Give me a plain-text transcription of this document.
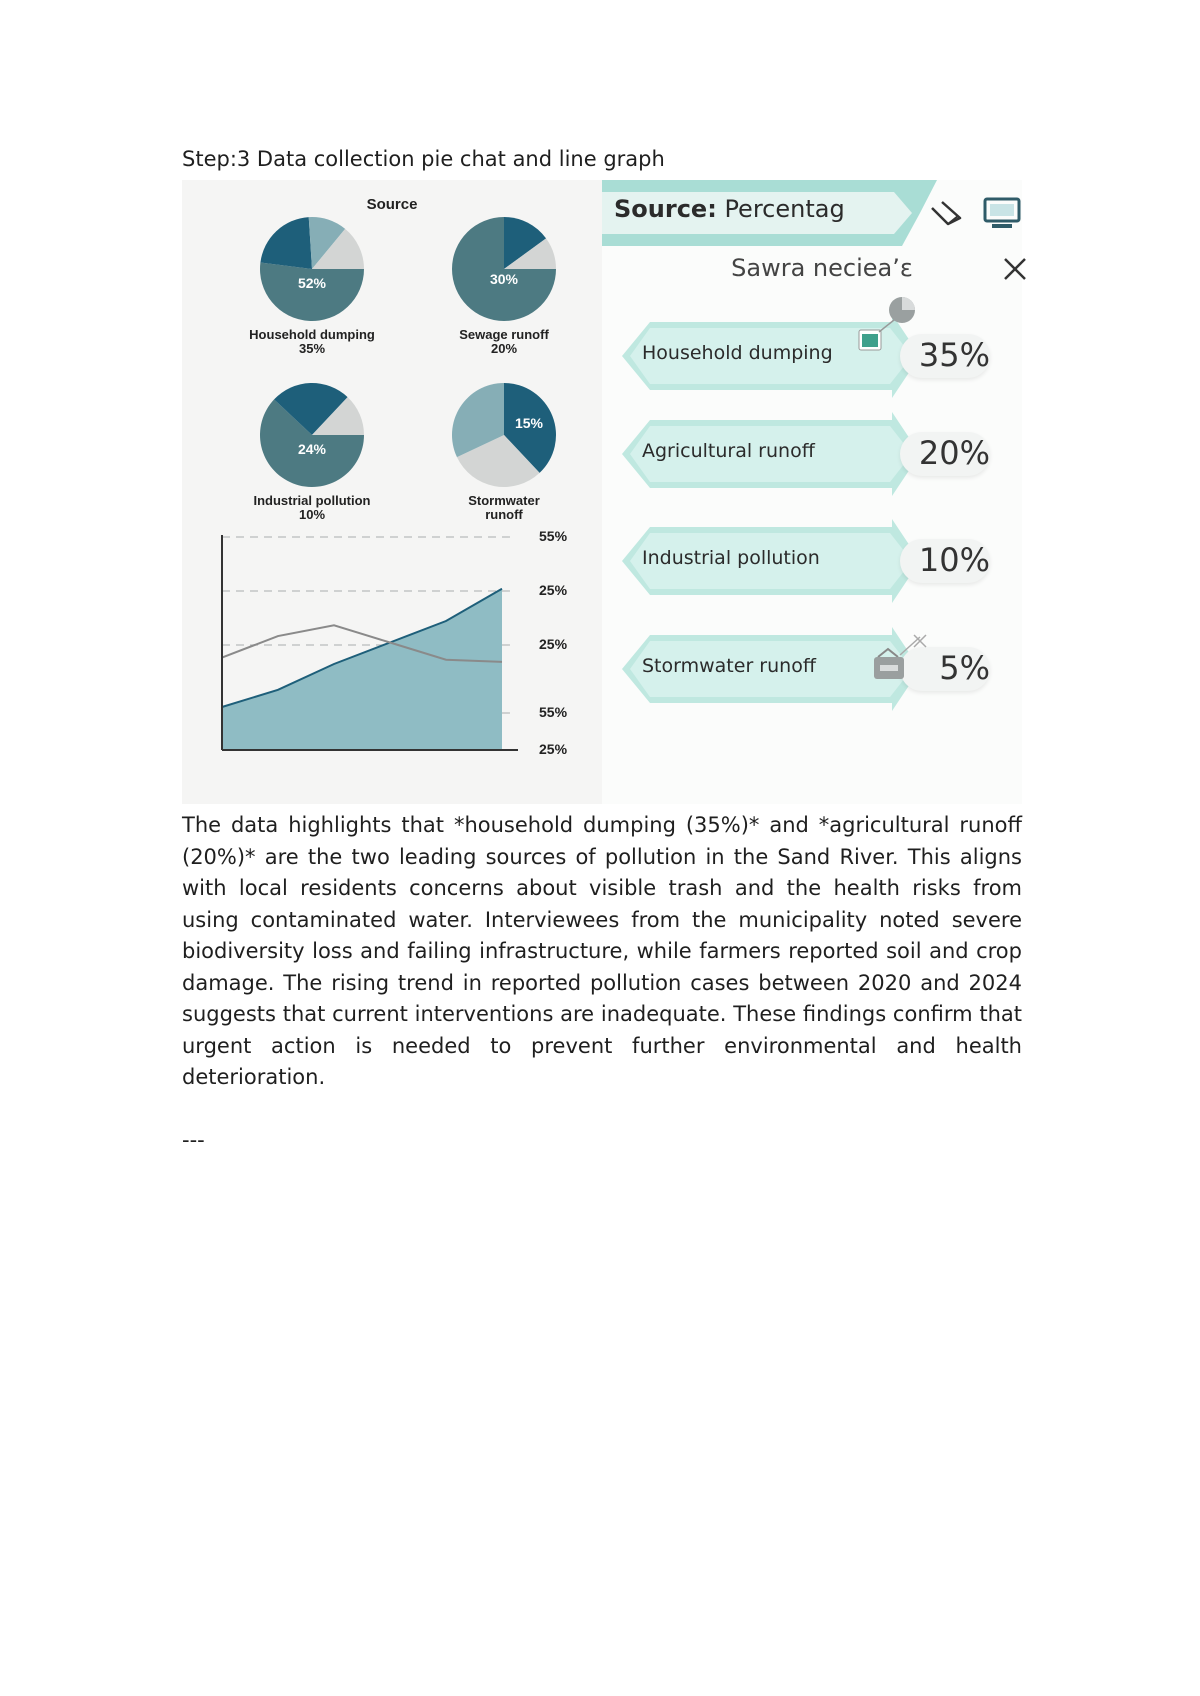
Step:3 Data collection pie chat and line graph
Source
52%
Household dumping
35%
30%
Sewage runoff
20%
24%
Industrial pollution
10%
15%
Stormwater runoff
55%
25%
25%
55%
25%
Source: Percentag
Sawra neciea’ε
Household dumping	35%
Agricultural runoff	20%
Industrial pollution	10%
Stormwater runoff	5%
The data highlights that *household dumping (35%)* and *agricultural runoff (20%)* are the two leading sources of pollution in the Sand River. This aligns with local residents concerns about visible trash and the health risks from using contaminated water. Interviewees from the municipality noted severe biodiversity loss and failing infrastructure, while farmers reported soil and crop damage. The rising trend in reported pollution cases between 2020 and 2024 suggests that current interventions are inadequate. These findings confirm that urgent action is needed to prevent further environmental and health deterioration.
---
